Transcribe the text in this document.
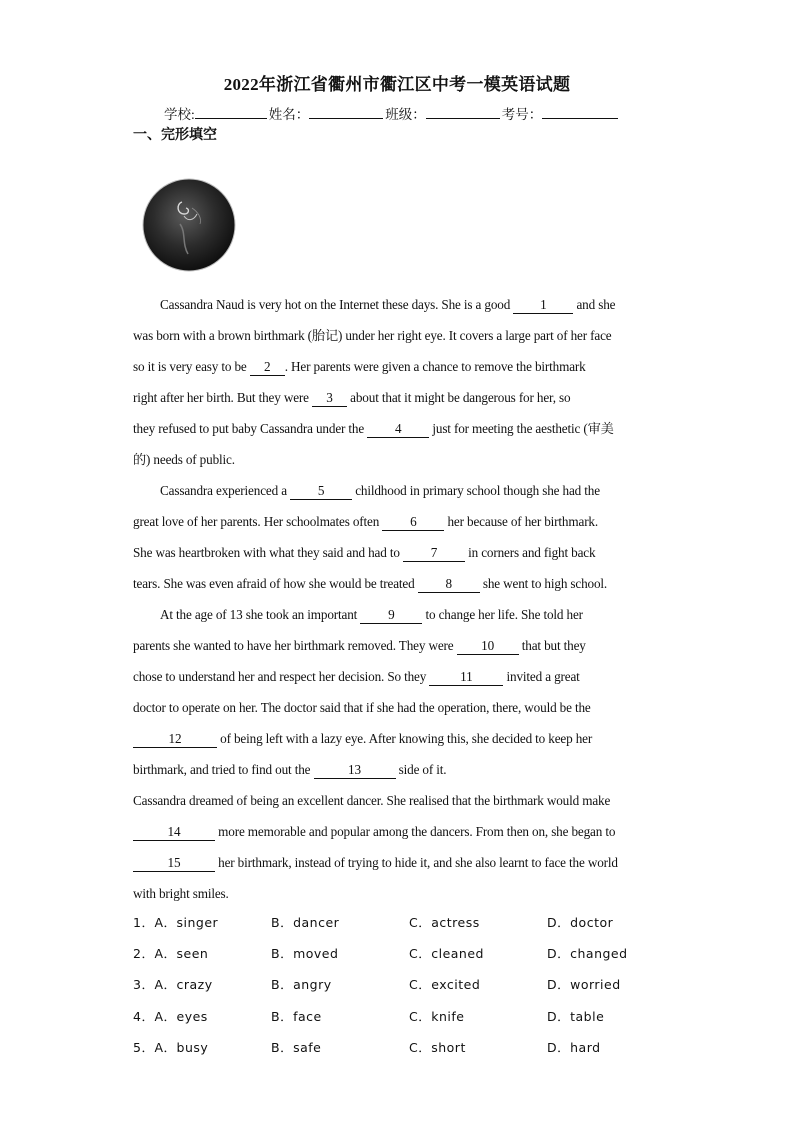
2022年浙江省衢州市衢江区中考一模英语试题
学校:	姓名：	班级：	考号：
一、完形填空
Cassandra Naud is very hot on the Internet these days. She is a good 1 and she
was born with a brown birthmark (胎记) under her right eye. It covers a large part of her face
so it is very easy to be 2 . Her parents were given a chance to remove the birthmark
right after her birth. But they were 3 about that it might be dangerous for her, so
they refused to put baby Cassandra under the 4 just for meeting the aesthetic (审美
的) needs of public.
Cassandra experienced a 5 childhood in primary school though she had the
great love of her parents. Her schoolmates often 6 her because of her birthmark.
She was heartbroken with what they said and had to 7 in corners and fight back
tears. She was even afraid of how she would be treated 8 she went to high school.
At the age of 13 she took an important 9 to change her life. She told her
parents she wanted to have her birthmark removed. They were 10 that but they
chose to understand her and respect her decision. So they 11 invited a great
doctor to operate on her. The doctor said that if she had the operation, there, would be the
12	of being left with a lazy eye. After knowing this, she decided to keep her
birthmark, and tried to find out the	13	side of it.
Cassandra dreamed of being an excellent dancer. She realised that the birthmark would make
14	more memorable and popular among the dancers. From then on, she began to
15	her birthmark, instead of trying to hide it, and she also learnt to face the world
with bright smiles.
1．A．singer	B．dancer	C．actress	D．doctor
2．A．seen	B．moved	C．cleaned	D．changed
3．A．crazy	B．angry	C．excited	D．worried
4．A．eyes	B．face	C．knife	D．table
5．A．busy	B．safe	C．short	D．hard
